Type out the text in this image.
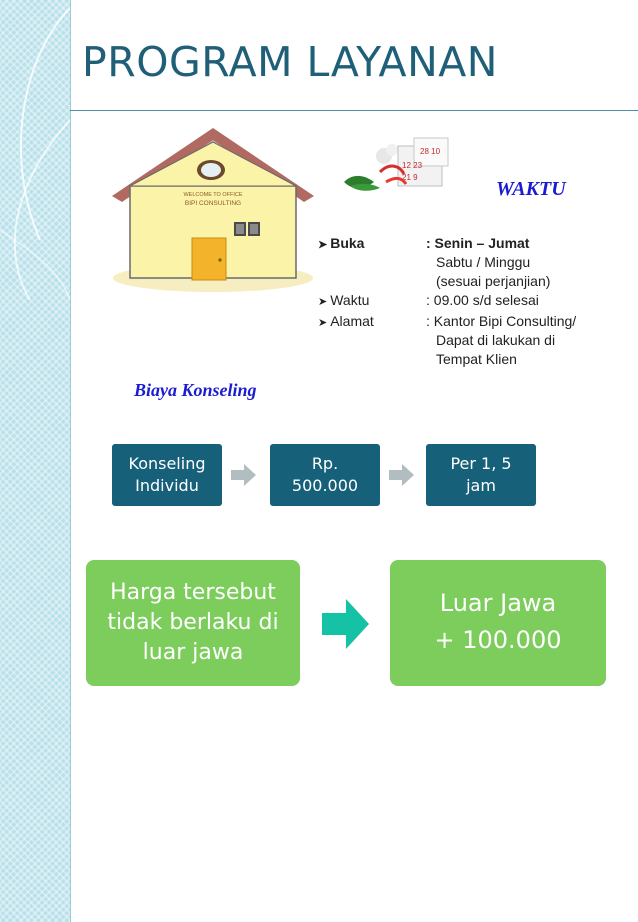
PROGRAM LAYANAN
WELCOME TO OFFICE
BIPI CONSULTING
28 10
12 23
21 9
WAKTU
➤ Buka	: Senin – Jumat
Sabtu / Minggu
(sesuai perjanjian)
➤ Waktu	: 09.00 s/d selesai
➤ Alamat	: Kantor Bipi Consulting/
Dapat di lakukan di
Tempat Klien
Biaya Konseling
Konseling Individu
Rp. 500.000
Per 1, 5 jam
Harga tersebut tidak berlaku di luar jawa
Luar Jawa
+ 100.000
